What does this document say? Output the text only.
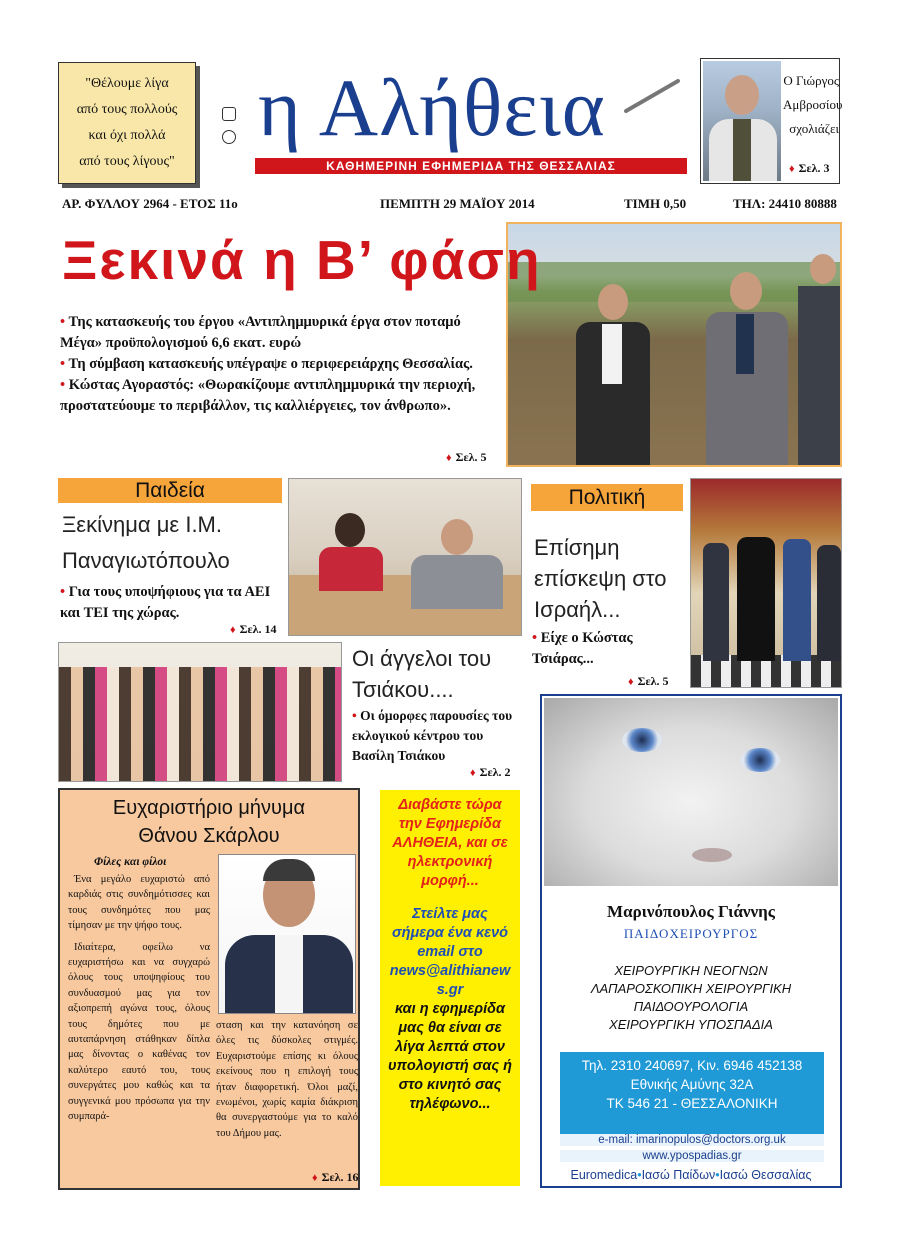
"Θέλουμε λίγα
από τους πολλούς
και όχι πολλά
από τους λίγους"
η Αλήθεια
ΚΑΘΗΜΕΡΙΝΗ ΕΦΗΜΕΡΙΔΑ ΤΗΣ ΘΕΣΣΑΛΙΑΣ
Ο Γιώργος
Αμβροσίου
σχολιάζει
♦ Σελ. 3
ΑΡ. ΦΥΛΛΟΥ 2964 - ΕΤΟΣ 11ο	ΠΕΜΠΤΗ 29 ΜΑΪΟΥ 2014	ΤΙΜΗ 0,50	ΤΗΛ: 24410 80888
Ξεκινά η Β’ φάση
• Της κατασκευής του έργου «Αντιπλημμυρικά έργα στον ποταμό Μέγα» προϋπολογισμού 6,6 εκατ. ευρώ
• Τη σύμβαση κατασκευής υπέγραψε ο περιφερειάρχης Θεσσαλίας.
• Κώστας Αγοραστός: «Θωρακίζουμε αντιπλημμυρικά την περιοχή, προστατεύουμε το περιβάλλον, τις καλλιέργειες, τον άνθρωπο».
♦ Σελ. 5
Παιδεία
Ξεκίνημα με Ι.Μ.
Παναγιωτόπουλο
• Για τους υποψήφιους για τα ΑΕΙ και ΤΕΙ της χώρας.
♦ Σελ. 14
Πολιτική
Επίσημη
επίσκεψη στο
Ισραήλ...
• Είχε ο Κώστας Τσιάρας...
♦ Σελ. 5
Οι άγγελοι του
Τσιάκου....
• Οι όμορφες παρουσίες του εκλογικού κέντρου του Βασίλη Τσιάκου
♦ Σελ. 2
Ευχαριστήριο μήνυμα
Θάνου Σκάρλου
Φίλες και φίλοι

Ένα μεγάλο ευχαριστώ από καρδιάς στις συνδημότισσες και τους συνδημότες που μας τίμησαν με την ψήφο τους.

Ιδιαίτερα, οφείλω να ευχαριστήσω και να συγχαρώ όλους τους υποψηφίους του συνδυασμού μας για τον αξιοπρεπή αγώνα τους, όλους τους δημότες που με αυταπάρνηση στάθηκαν δίπλα μας δίνοντας ο καθένας τον καλύτερο εαυτό του, τους συνεργάτες μου καθώς και τα συγγενικά μου πρόσωπα για την συμπαρά-

σταση και την κατανόηση σε όλες τις δύσκολες στιγμές. Ευχαριστούμε επίσης κι όλους εκείνους που η επιλογή τους ήταν διαφορετική. Όλοι μαζί, ενωμένοι, χωρίς καμία διάκριση θα συνεργαστούμε για το καλό του Δήμου μας.

♦ Σελ. 16
Διαβάστε τώρα την Εφημερίδα ΑΛΗΘΕΙΑ, και σε ηλεκτρονική μορφή...
Στείλτε μας σήμερα ένα κενό email στο
news@alithianews.gr
και η εφημερίδα μας θα είναι σε λίγα λεπτά στον υπολογιστή σας ή στο κινητό σας τηλέφωνο...
Μαρινόπουλος Γιάννης
ΠΑΙΔΟΧΕΙΡΟΥΡΓΟΣ
ΧΕΙΡΟΥΡΓΙΚΗ ΝΕΟΓΝΩΝ
ΛΑΠΑΡΟΣΚΟΠΙΚΗ ΧΕΙΡΟΥΡΓΙΚΗ
ΠΑΙΔΟΟΥΡΟΛΟΓΙΑ
ΧΕΙΡΟΥΡΓΙΚΗ ΥΠΟΣΠΑΔΙΑ
Τηλ. 2310 240697, Κιν. 6946 452138
Εθνικής Αμύνης 32Α
ΤΚ 546 21 - ΘΕΣΣΑΛΟΝΙΚΗ
e-mail: imarinopulos@doctors.org.uk
www.ypospadias.gr
Euromedica•Ιασώ Παίδων•Ιασώ Θεσσαλίας
